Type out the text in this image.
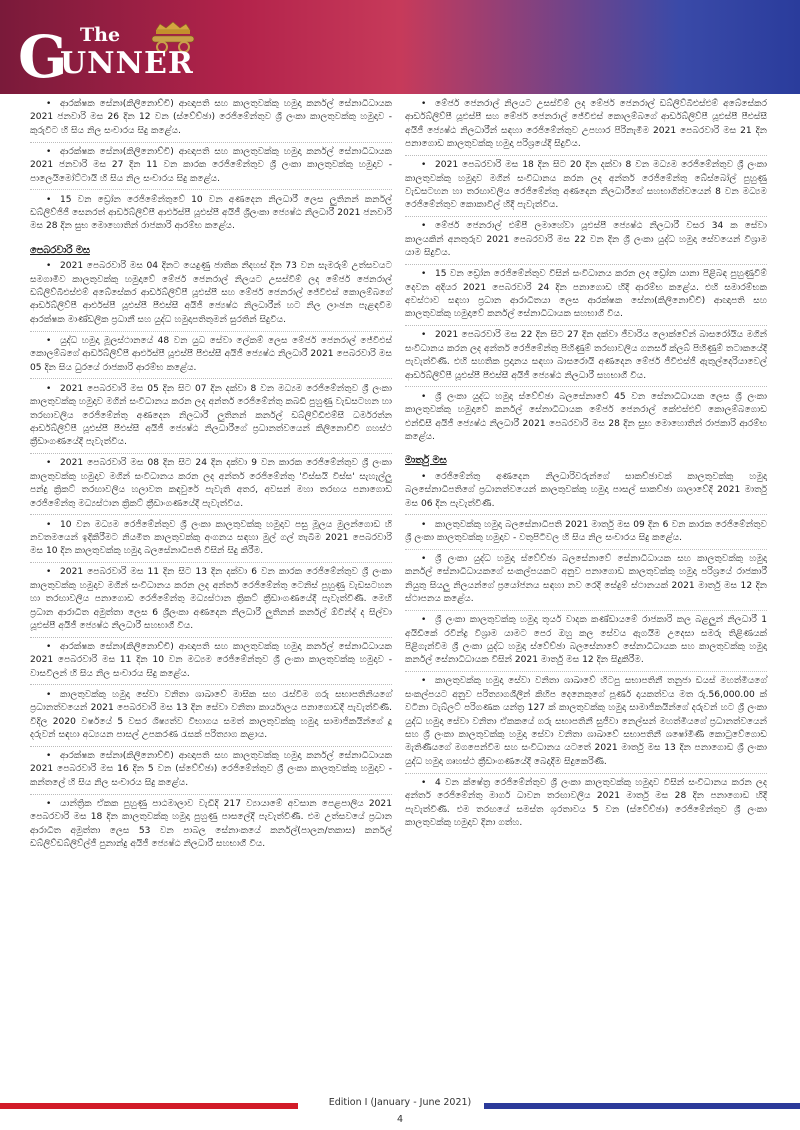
G The
UNNER

• ආරක්ෂක සේනා(කිලිනොච්චි) ආඥාපති සහ කාලතුවක්කු හමුදා කර්නල් සේනාධිධායක 2021 ජනවාරි මස 26 දින 12 වන (ස්වේච්ඡා) රෙජිමේන්තුව ශ්‍රී ලංකා කාලතුවක්කු හමුදාව - කුරුවිට හි සිය නිල සංචාරය සිදු කළේය.

• ආරක්ෂක සේනා(කිලිනොච්චි) ආඥාපති සහ කාලතුවක්කු හමුදා කර්නල් සේනාධිධායක 2021 ජනවාරි මස 27 දින 11 වන කාරක රෙජිමේන්තුව ශ්‍රී ලංකා කාලතුවක්කු හමුදාව - පාලෙයිමෝට්ටායි හි සිය නිල සංචාරය සිදු කළේය.

• 15 වන ඩ්‍රෝන රෙජිමේන්තුවේ 10 වන අණදෙන නිලධාරී ලෙස ලුතිනන් කර්නල් ඩබ්ලිව්ජිජී සෙනරත් ආර්ඩබ්ලිව්පී ආර්එස්පී යූඑස්පී අයිජී ශ්‍රීලංකා ජ්‍යෙෂ්ඨ නිලධාරී 2021 ජනවාරි මස 28 දින සුභ මොහොතින් රාජකාරි ආරම්භ කළේය.

පෙබරවාරි මස

• 2021 පෙබරවාරි මස 04 දිනට යෙදුණු ජාතික නිදහස් දින 73 වන සැමරුම් උත්සවයට සමගාමීව කාලතුවක්කු හමුදාවේ මේජර් ජෙනරාල් නිලයට උසස්වීම් ලද මේජර් ජෙනරාල් ඩබ්ලිව්බීඑස්එම් අබේසේකර ආර්ඩබ්ලිව්පී යූඑස්පී සහ මේජර් ජෙනරාල් ජේවීඑස් කොලම්බගේ ආර්ඩබ්ලිව්පී ආර්එස්පී යූඑස්පී පීඑස්සී අයිජී ජ්‍යෙෂ්ඨ නිලධාරීන් හට නිල ලාංඡන පැළඳවීම ආරක්ෂක මාණ්ඩලික ප්‍රධානී සහ යුද්ධ හමුදාපතිතුමන් සුරතින් සිදුවිය.

• යුද්ධ හමුදා මූලස්ථානයේ 48 වන යුධ සේවා ලේකම් ලෙස මේජර් ජෙනරාල් ජේවීඑස් කොලම්බගේ ආර්ඩබ්ලිව්පී ආර්එස්පී යූඑස්පී පීඑස්සී අයිජී ජ්‍යෙෂ්ඨ නිලධාරී 2021 පෙබරවාරි මස 05 දින සිය ධුරයේ රාජකාරි ආරම්භ කළේය.

• 2021 පෙබරවාරි මස 05 දින සිට 07 දින දක්වා 8 වන මධ්‍යම රෙජිමේන්තුව ශ්‍රී ලංකා කාලතුවක්කු හමුදාව මගින් සංවිධානය කරන ලද අන්තර් රෙජිමේන්තු කබඩි පුහුණු වැඩසටහන හා තරඟාවලිය රෙජිමේන්තු අණදෙන නිලධාරී ලුතිනන් කර්නල් ඩබ්ලිව්ඩීඑම්සී ධර්මරත්න ආර්ඩබ්ලිව්පී යූඑස්පී පීඑස්සී අයිජී ජ්‍යෙෂ්ඨ නිලධාරීගේ ප්‍රධානත්වයෙන් කිලිනොච්චි ගහස්ථ ක්‍රීඩාංගණයේදී පැවැත්විය.

• 2021 පෙබරවාරි මස 08 දින සිට 24 දින දක්වා 9 වන කාරක රෙජිමේන්තුව ශ්‍රී ලංකා කාලතුවක්කු හමුදාව මගින් සංවිධානය කරන ලද අන්තර් රෙජිමේන්තු 'විස්සයි විස්ස' සැහැල්ලු පන්දු ක්‍රිකට් තරඟාවලිය හලාවත කඳවුරේ පැවැති අතර, අවසන් මහා තරඟය පනාගොඩ රෙජිමේන්තු මධ්‍යස්ථාන ක්‍රිකට් ක්‍රීඩාංගණයේදී පැවැත්විය.

• 10 වන මධ්‍යම රෙජිමේන්තුව ශ්‍රී ලංකා කාලතුවක්කු හමුදාව පසු මූලය මුලන්ගොඩ හි නවතමයෙන් ඉදිකිරීමට නියමිත කාලතුවක්කු අංගනය සඳහා මුල් ගල් තැබීම 2021 පෙබරවාරි මස 10 දින කාලතුවක්කු හමුදා බලසේනාධිපති විසින් සිදු කිරීම.

• 2021 පෙබරවාරි මස 11 දින සිට 13 දින දක්වා 6 වන කාරක රෙජිමේන්තුව ශ්‍රී ලංකා කාලතුවක්කු හමුදාව මගින් සංවිධානය කරන ලද අන්තර් රෙජිමේන්තු ටෙනිස් පුහුණු වැඩසටහන හා තරඟාවලිය පනාගොඩ රෙජිමේන්තු මධ්‍යස්ථාන ක්‍රිකට් ක්‍රීඩාංගණයේදී පැවැත්විණි. මෙහි ප්‍රධාන ආරාධිත අමුත්තා ලෙස 6 ශ්‍රීලංකා අණදෙන නිලධාරී ලුතිනන් කර්නල් ඕවින්ද් ද සිල්වා යූඑස්පී අයිජී ජ්‍යෙෂ්ඨ නිලධාරී සහභාගී විය.

• ආරක්ෂක සේනා(කිලිනොච්චි) ආඥාපති සහ කාලතුවක්කු හමුදා කර්නල් සේනාධිධායක 2021 පෙබරවාරි මස 11 දින 10 වන මධ්‍යම රෙජිමේන්තුව ශ්‍රී ලංකා කාලතුවක්කු හමුදාව - වාසවිලන් හි සිය නිල සංචාරය සිදු කළේය.

• කාලතුවක්කු හමුදා සේවා වනිතා ශාඛාවේ මාසික සහ රැස්වීම ගරු සභාපතිනියගේ ප්‍රධානත්වයෙන් 2021 පෙබරවාරි මස 13 දින සේවා වනිතා කාර්යාලය පනාගොඩදී පැවැත්විණි. විදිල 2020 වර්ෂයේ 5 වසර ශිෂ්‍යත්ව විභාගය සමත් කාලතුවක්කු හමුදා සාමාජිකයින්ගේ දූ දරුවන් සඳහා අධ්‍යයන පාසල් උපකරණ රැසක් පරිත්‍යාග කළාය.

• ආරක්ෂක සේනා(කිලිනොච්චි) ආඥාපති සහ කාලතුවක්කු හමුදා කර්නල් සේනාධිධායක 2021 පෙබරවාරි මස 16 දින 5 වන (ස්වේච්ඡා) රෙජිමේන්තුව ශ්‍රී ලංකා කාලතුවක්කු හමුදාව - කන්තලේ හි සිය නිල සංචාරය සිදු කළේය.

• යාන්ත්‍රික ඒකක පුහුණු පාඨමාලාව වැඩිදි 217 ව්‍යායාමේ අවසාන පෙළපාලිය 2021 පෙබරවාරි මස 18 දින කාලතුවක්කු හමුදා පුහුණු පාසලේදී පැවැත්විණි. එම උත්සවයේ ප්‍රධාන ආරාධිත අමුත්තා ලෙස 53 වන පාබල සේනාංකයේ කර්නල්(පාලන/තකාස) කර්නල් ඩබ්ලිව්ඩබ්ලිව්ල්ජී පුනාන්දු අයිජී ජ්‍යෙෂ්ඨ නිලධාරී සහභාගී විය.

• මේජර් ජෙනරාල් නිලයට උසස්වීම් ලද මේජර් ජෙනරාල් ඩබ්ලිව්බීඑස්එම් අබේසේකර ආර්ඩබ්ලිව්පී යූඑස්පී සහ මේජර් ජෙනරාල් ජේවීඑස් කොලම්බගේ ආර්ඩබ්ලිව්පී යූඑස්පී පීඑස්සී අයිජී ජ්‍යෙෂ්ඨ නිලධාරීන් සඳහා රෙජිමේන්තුව උපහාර පිරිනැමීම 2021 පෙබරවාරි මස 21 දින පනාගොඩ කාලතුවක්කු හමුදා පරිශ්‍රයේදී සිදුවිය.

• 2021 පෙබරවාරි මස 18 දින සිට 20 දින දක්වා 8 වන මධ්‍යම රෙජිමේන්තුව ශ්‍රී ලංකා කාලතුවක්කු හමුදාව මගින් සංවිධානය කරන ලද අන්තර් රෙජිමේන්තු බේස්බෝල් පුහුණු වැඩසටහන හා තරඟාවලිය රෙජිමේන්තු අණදෙන නිලධාරීගේ සහභාගිත්වයෙන් 8 වන මධ්‍යම රෙජිමේන්තුව කොකාවිල් හිදී පැවැත්විය.

• මේජර් ජෙනරාල් එම්පී ලමාහේවා යූඑස්පී ජ්‍යෙෂ්ඨ නිලධාරී වසර 34 ක සේවා කාලයකින් අනතුරුව 2021 පෙබරවාරි මස 22 වන දින ශ්‍රී ලංකා යුද්ධ හමුදා සේවයෙන් විශ්‍රාම යාම සිදුවිය.

• 15 වන ඩ්‍රෝන රෙජිමේන්තුව විසින් සංවිධානය කරන ලද ඩ්‍රෝන යානා පිළිබඳ පුහුණුවීම් දෙවන අදියර 2021 පෙබරවාරි 24 දින පනාගොඩ හිදී ආරම්භ කළේය. එහි සමාරම්භක අවස්ථාව සඳහා ප්‍රධාන ආරාධිතයා ලෙස ආරක්ෂක සේනා(කිලිනොච්චි) ආඥාපති සහ කාලතුවක්කු හමුදාවේ කර්නල් සේනාධිධායක සහභාගී විය.

• 2021 පෙබරවාරි මස 22 දින සිට 27 දින දක්වා ජීවාරිය ලොක්වේන් බාසරෝයිය මගින් සංවිධානය කරන ලද අන්තර් රෙජිමේන්තු පිහිණුම් තරඟාවලිය ගනර්ස් ක්ලබ් පිහිණුම් තටාකයේදී පැවැත්විණි. එහි සහතික ප්‍රදානය සඳහා බාසරොයි අණදෙන මේජර් ජීවීඑස්ජී ඇතුල්දෙරියාවෙල් ආර්ඩබ්ලිව්පී යූඑස්පී පීඑස්සී අයිජී ජ්‍යෙෂ්ඨ නිලධාරී සහභාගී විය.

• ශ්‍රී ලංකා යුද්ධ හමුදා ස්වේච්ඡා බලසේනාවේ 45 වන සේනාධිධායක ලෙස ශ්‍රී ලංකා කාලතුවක්කු හමුදාවේ කර්නල් සේනාධිධායක මේජර් ජෙනරාල් කේඑස්එච් කොලම්බගොඩ එන්ඩීසී අයිජී ජ්‍යෙෂ්ඨ නිලධාරී 2021 පෙබරවාරි මස 28 දින සුභ මොහොතින් රාජකාරි ආරම්භ කළේය.

මාර්තු මස

• රෙජිමේන්තු අණදෙන නිලධාරිවරුන්ගේ සාකච්ඡාවක් කාලතුවක්කු හමුදා බලසේනාධිපතිගේ ප්‍රධානත්වයෙන් කාලතුවක්කු හමුදා පාසල් සාකච්ඡා ශාලාවේදී 2021 මාර්තු මස 06 දින පැවැත්විණි.

• කාලතුවක්කු හමුදා බලසේනාධිපති 2021 මාර්තු මස 09 දින 6 වන කාරක රෙජිමේන්තුව ශ්‍රී ලංකා කාලතුවක්කු හමුදාව - වතුපිටිවල හි සිය නිල සංචාරය සිදු කළේය.

• ශ්‍රී ලංකා යුද්ධ හමුදා ස්වේච්ඡා බලසේනාවේ සේනාධිධායක සහ කාලතුවක්කු හමුදා කර්නල් සේනාධිධායකගේ සංකල්පයකට අනුව පනාගොඩ කාලතුවක්කු හමුදා පරිශ්‍රයේ රාජකාරී නියුතු සියලු නිලයන්ගේ ප්‍රයෝජනය සඳහා නව රෙදි සේදුම් ස්ථානයක් 2021 මාර්තු මස 12 දින ස්ථාපනය කළේය.

• ශ්‍රී ලංකා කාලතුවක්කු හමුදා තූර්ය වාදක කණ්ඩායමේ රාජකාරි කල බළලුන් නිලධාරී 1 අයිඩීකේ රවීන්ද්‍ර විශ්‍රාම යාමට පෙර ඔහු කල සේවය ඇගයීම උදෙසා සමරු තිළිණයක් පිළිගැන්වීම ශ්‍රී ලංකා යුද්ධ හමුදා ස්වේච්ඡා බලසේනාවේ සේනාධිධායක සහ කාලතුවක්කු හමුදා කර්නල් සේනාධිධායක විසින් 2021 මාර්තු මස 12 දින සිදුකිරීම.

• කාලතුවක්කු හමුදා සේවා වනිතා ශාඛාවේ හිටපු සභාපතිනී තනුජා ඩයස් මහත්මියගේ සංකල්පයට අනුව පරිත්‍යාගශීලීන් කිහිප දෙනෙකුගේ පූර්ණ දායකත්වය මත රු.56,000.00 ක් වටිනා ටැබ්ලට් පරිගණක යන්ත්‍ර 127 ක් කාලතුවක්කු හමුදා සාමාජිකයින්ගේ දරුවන් හට ශ්‍රී ලංකා යුද්ධ හමුදා සේවා වනිතා ඒකකයේ ගරු සභාපතිනී සුජීවා නෙල්සන් මහත්මියගේ ප්‍රධානත්වයෙන් සහ ශ්‍රී ලංකා කාලතුවක්කු හමුදා සේවා වනිතා ශාඛාවේ සභාපතිනී ශෂෝමිණී කොටුවේගොඩ මැතිණියගේ මගපෙන්වීම සහ සංවිධානය යටතේ 2021 මාර්තු මස 13 දින පනාගොඩ ශ්‍රී ලංකා යුද්ධ හමුදා ගෘහස්ථ ක්‍රීඩාංගණයේදී බෙදාදීම සිදුකෙරිණි.

• 4 වන ක්ෂේත්‍ර රෙජිමේන්තුව ශ්‍රී ලංකා කාලතුවක්කු හමුදාව විසින් සංවිධානය කරන ලද අන්තර් රෙජිමේන්තු මාර්ග ධාවන තරඟාවලිය 2021 මාර්තු මස 28 දින පනාගොඩ හිදී පැවැත්විණි. එම තරඟයේ සමස්ත ශූරතාවය 5 වන (ස්වේච්ඡා) රෙජිමේන්තුව ශ්‍රී ලංකා කාලතුවක්කු හමුදාව දිනා ගත්හ.

Edition I (January - June 2021)
4
